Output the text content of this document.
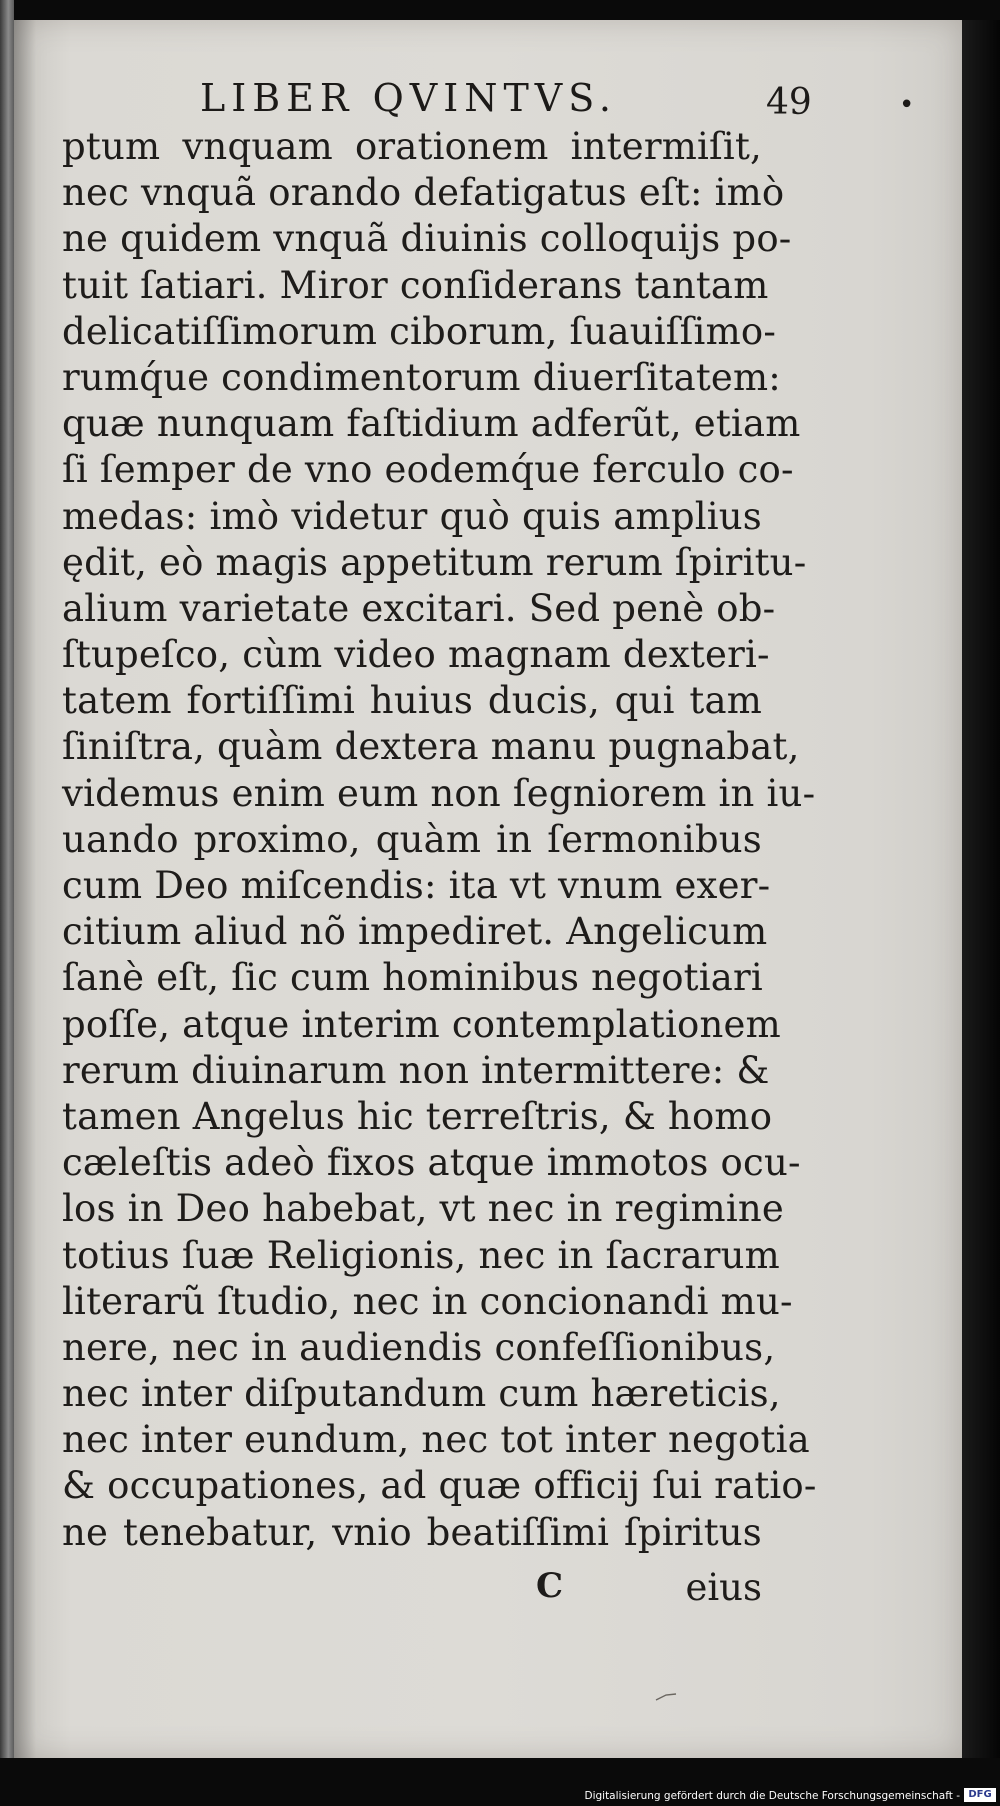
LIBER QVINTVS.	49	•
ptum vnquam orationem intermiſit,
nec vnquã orando defatigatus eſt: imò
ne quidem vnquã diuinis colloquijs po-
tuit ſatiari. Miror conſiderans tantam
delicatiſſimorum ciborum, ſuauiſſimo-
rumq́ue condimentorum diuerſitatem:
quæ nunquam faſtidium adferũt, etiam
ſi ſemper de vno eodemq́ue ferculo co-
medas: imò videtur quò quis amplius
ędit, eò magis appetitum rerum ſpiritu-
alium varietate excitari. Sed penè ob-
ſtupeſco, cùm video magnam dexteri-
tatem fortiſſimi huius ducis, qui tam
ſiniſtra, quàm dextera manu pugnabat,
videmus enim eum non ſegniorem in iu-
uando proximo, quàm in ſermonibus
cum Deo miſcendis: ita vt vnum exer-
citium aliud nõ impediret. Angelicum
ſanè eſt, ſic cum hominibus negotiari
poſſe, atque interim contemplationem
rerum diuinarum non intermittere: &
tamen Angelus hic terreſtris, & homo
cæleſtis adeò fixos atque immotos ocu-
los in Deo habebat, vt nec in regimine
totius ſuæ Religionis, nec in ſacrarum
literarũ ſtudio, nec in concionandi mu-
nere, nec in audiendis confeſſionibus,
nec inter diſputandum cum hæreticis,
nec inter eundum, nec tot inter negotia
& occupationes, ad quæ officij ſui ratio-
ne tenebatur, vnio beatiſſimi ſpiritus
C	eius
Digitalisierung gefördert durch die Deutsche Forschungsgemeinschaft - DFG
